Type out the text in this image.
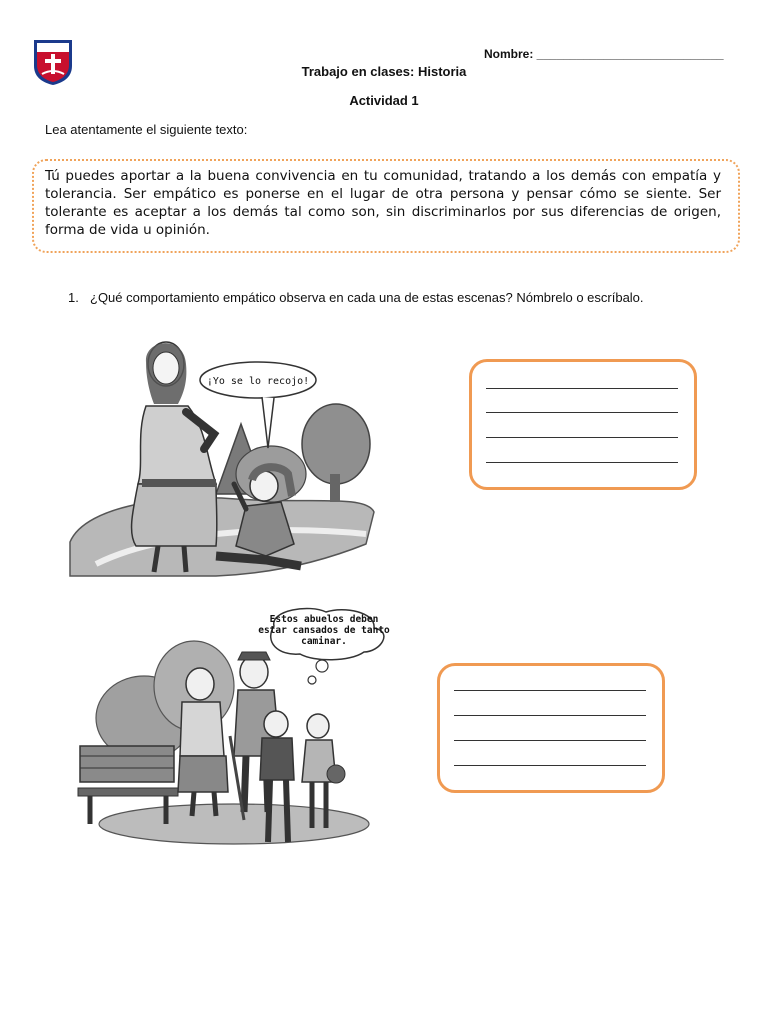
Nombre: ____________________________
Trabajo en clases: Historia
Actividad 1
Lea atentamente el siguiente texto:
Tú puedes aportar a la buena convivencia en tu comunidad, tratando a los demás con empatía y tolerancia. Ser empático es ponerse en el lugar de otra persona y pensar cómo se siente. Ser tolerante es aceptar a los demás tal como son, sin discriminarlos por sus diferencias de origen, forma de vida u opinión.
1. ¿Qué comportamiento empático observa en cada una de estas escenas? Nómbrelo o escríbalo.
¡Yo se lo recojo!
Estos abuelos deben
estar cansados de tanto
caminar.
